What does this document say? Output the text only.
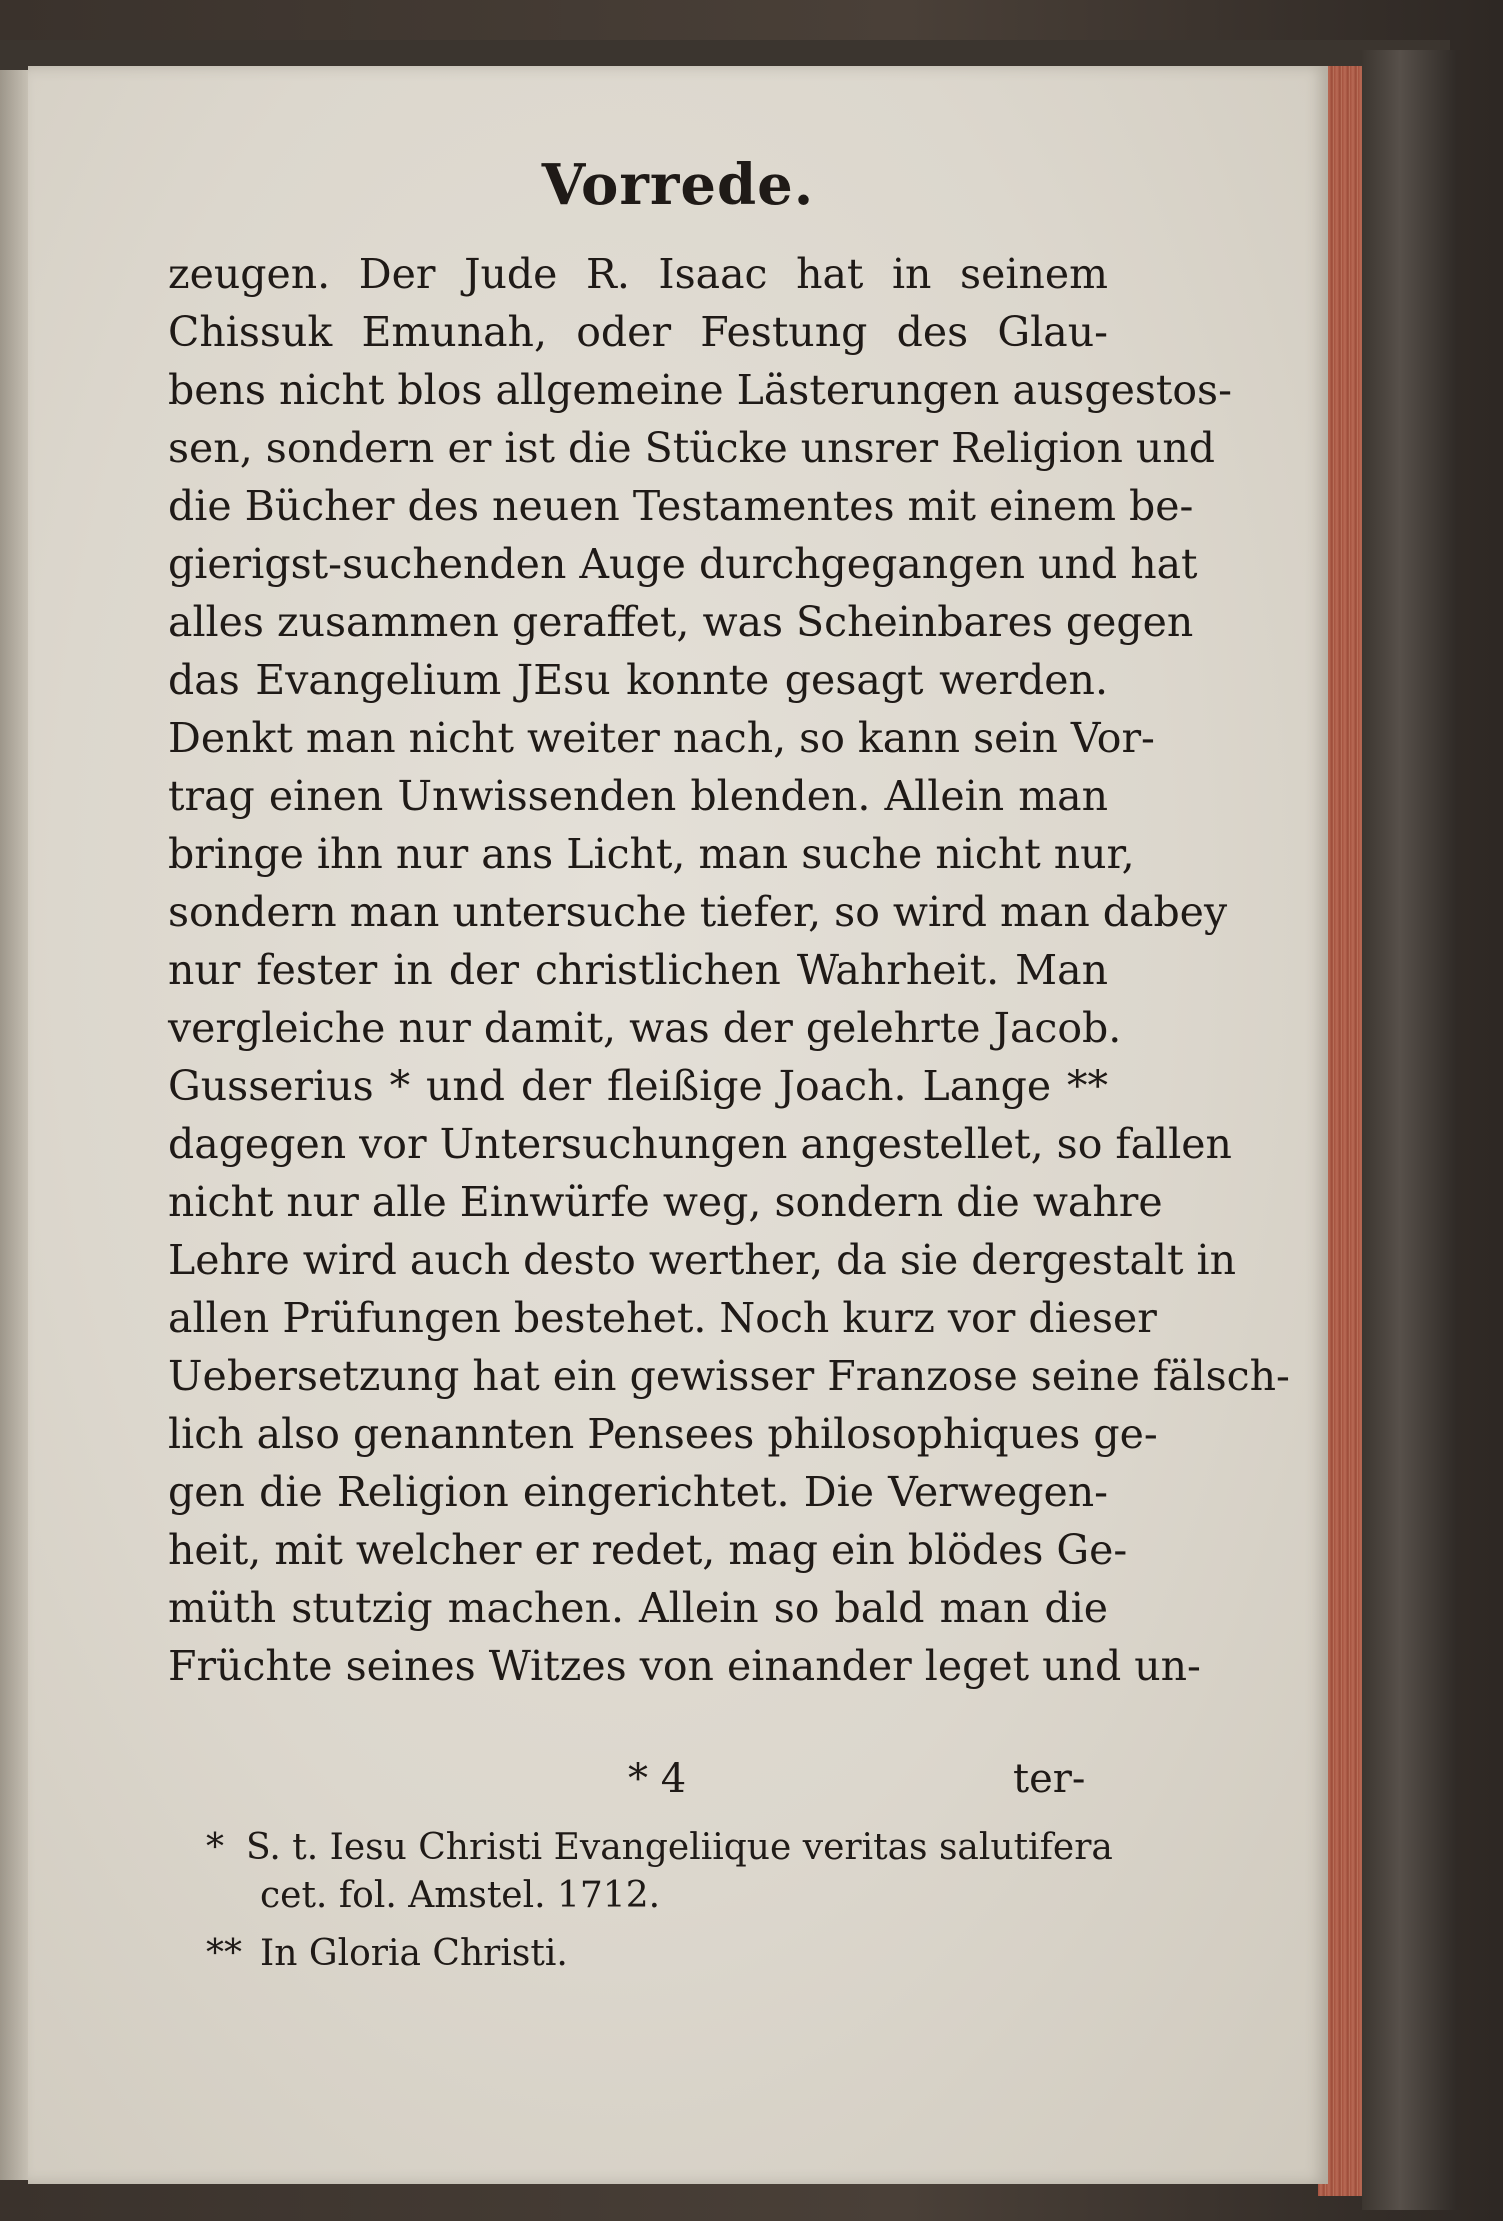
Vorrede.
zeugen. Der Jude R. Isaac hat in seinem
Chissuk Emunah, oder Festung des Glau-
bens nicht blos allgemeine Lästerungen ausgestos-
sen, sondern er ist die Stücke unsrer Religion und
die Bücher des neuen Testamentes mit einem be-
gierigst-suchenden Auge durchgegangen und hat
alles zusammen geraffet, was Scheinbares gegen
das Evangelium JEsu konnte gesagt werden.
Denkt man nicht weiter nach, so kann sein Vor-
trag einen Unwissenden blenden. Allein man
bringe ihn nur ans Licht, man suche nicht nur,
sondern man untersuche tiefer, so wird man dabey
nur fester in der christlichen Wahrheit. Man
vergleiche nur damit, was der gelehrte Jacob.
Gusserius * und der fleißige Joach. Lange **
dagegen vor Untersuchungen angestellet, so fallen
nicht nur alle Einwürfe weg, sondern die wahre
Lehre wird auch desto werther, da sie dergestalt in
allen Prüfungen bestehet. Noch kurz vor dieser
Uebersetzung hat ein gewisser Franzose seine fälsch-
lich also genannten Pensees philosophiques ge-
gen die Religion eingerichtet. Die Verwegen-
heit, mit welcher er redet, mag ein blödes Ge-
müth stutzig machen. Allein so bald man die
Früchte seines Witzes von einander leget und un-
* 4	ter-
* S. t. Iesu Christi Evangeliique veritas salutifera
cet. fol. Amstel. 1712.
** In Gloria Christi.
